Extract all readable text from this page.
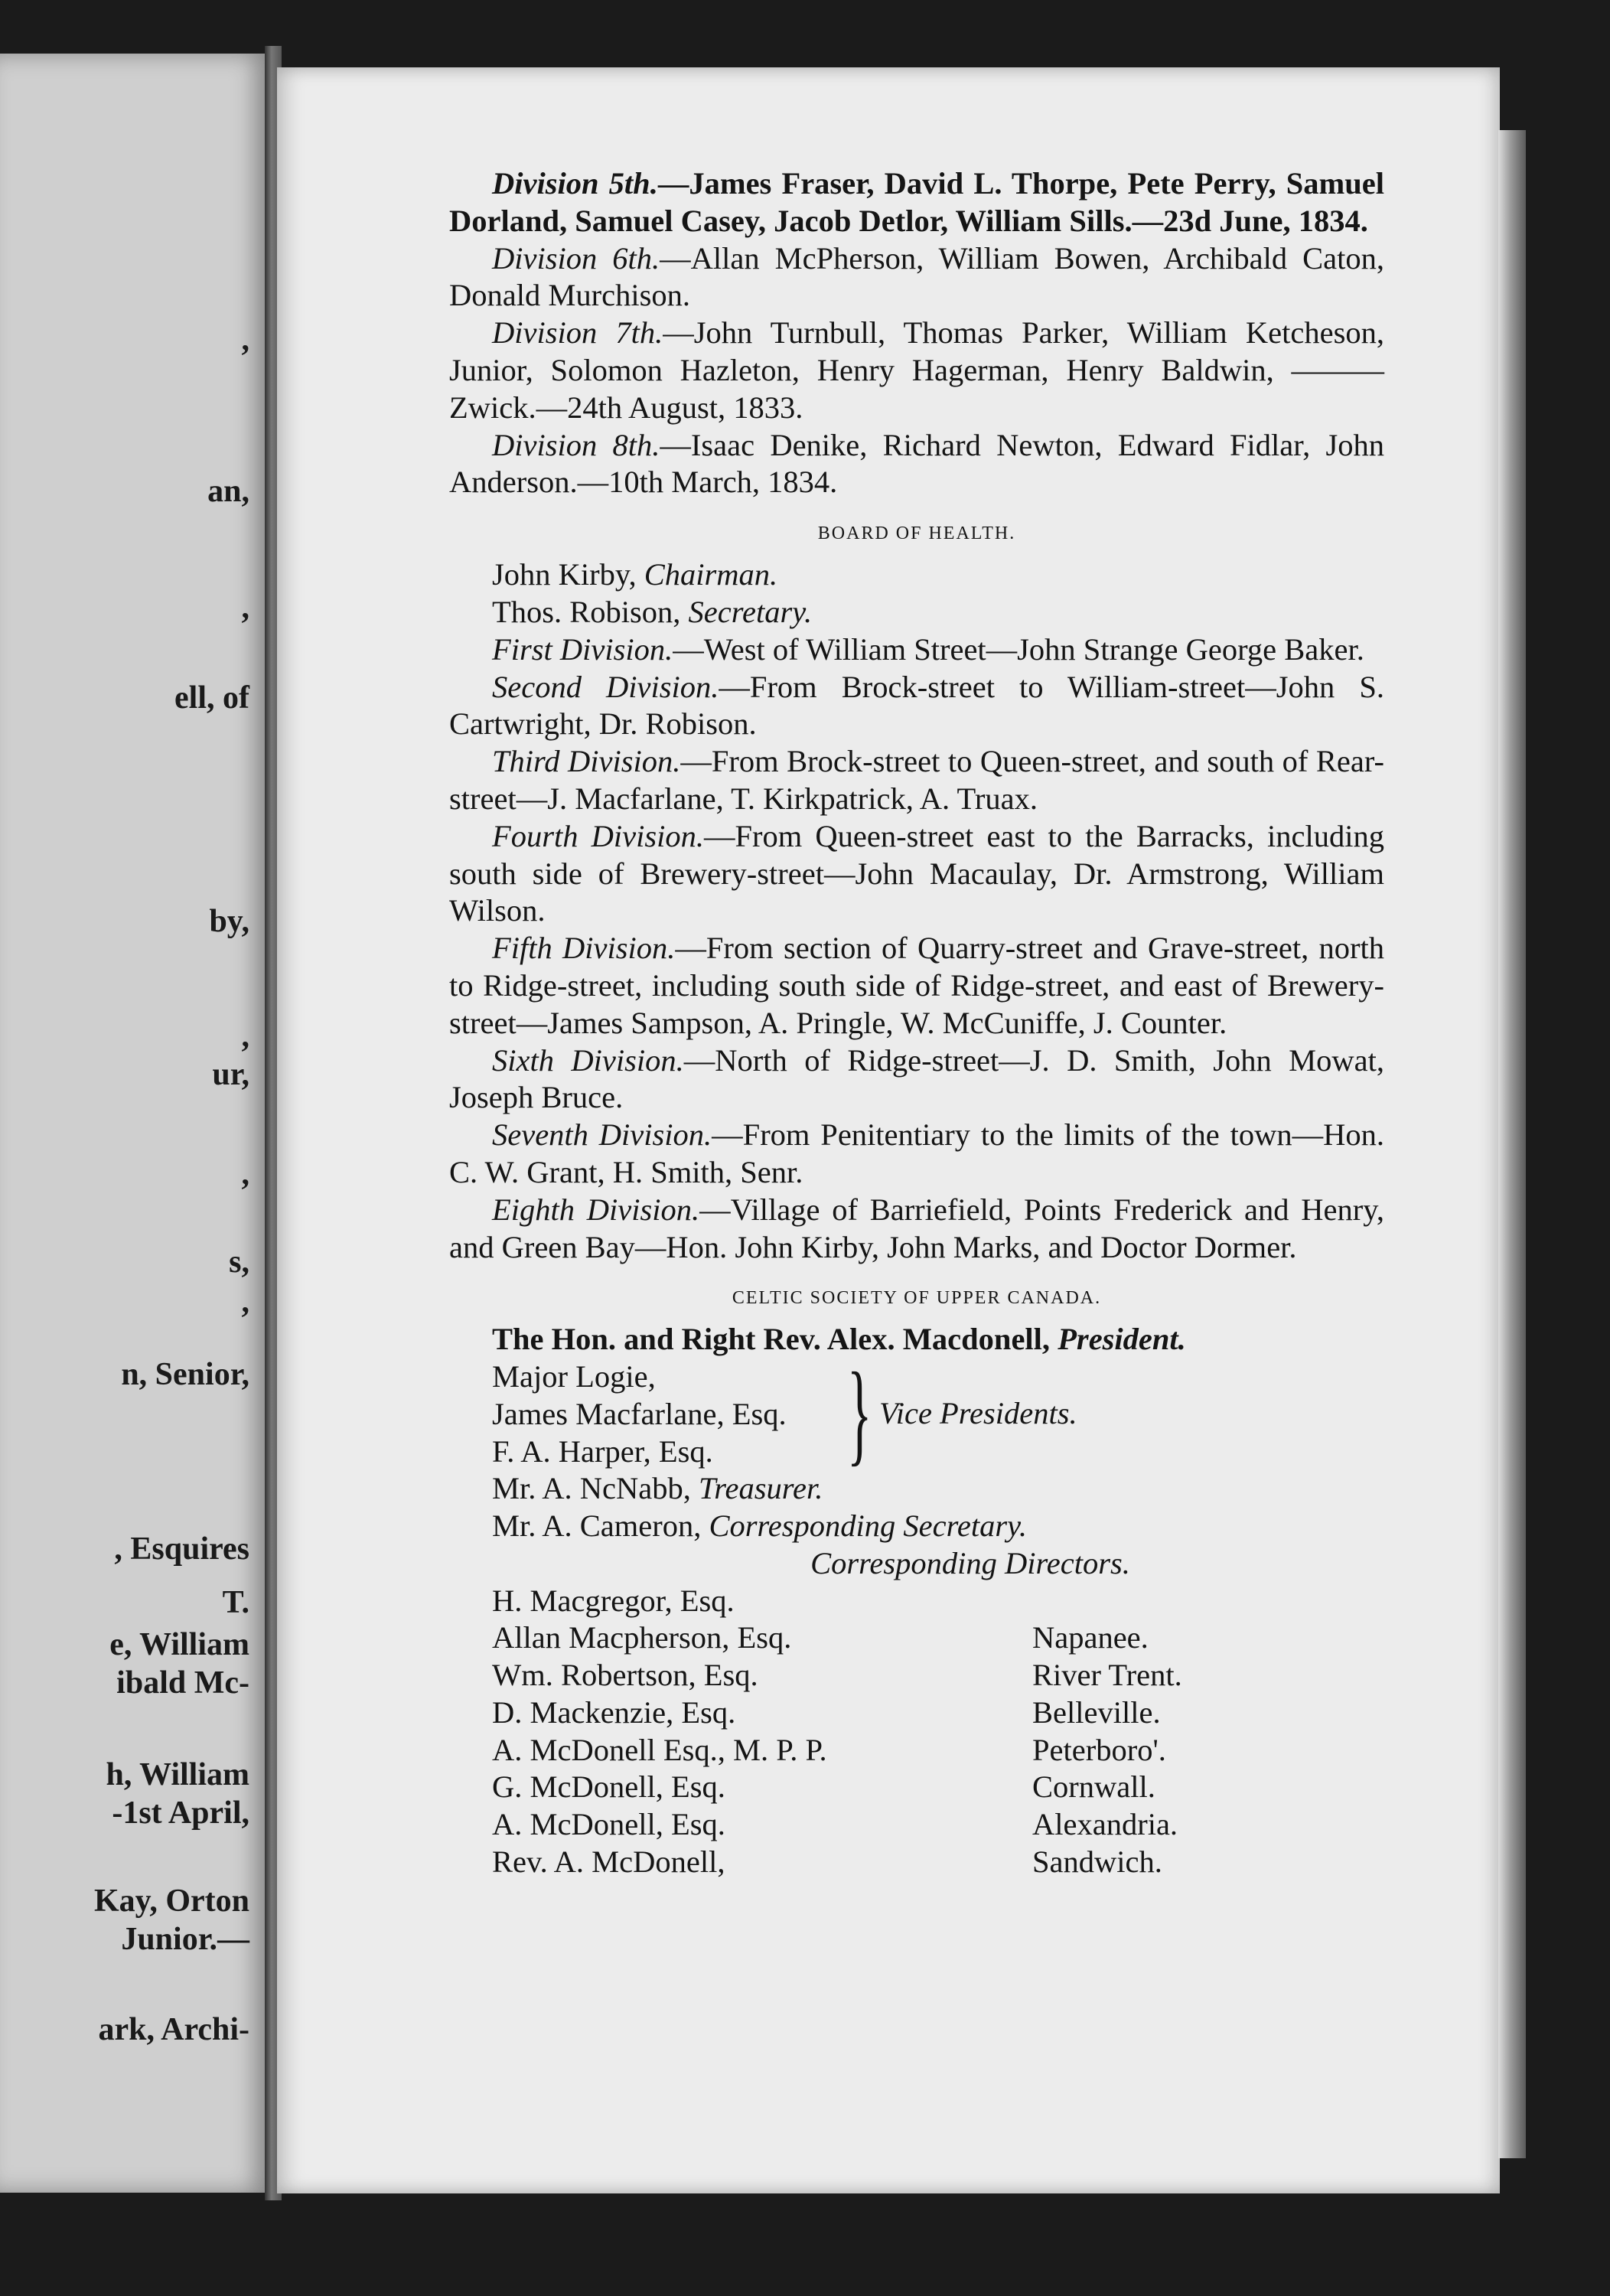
,
an,
,
ell, of
by,
,
ur,
,
s,
,
n, Senior,
, Esquires
T.
e, William
ibald Mc-
h, William
-1st April,
Kay, Orton
Junior.—
ark, Archi-

Division 5th.—James Fraser, David L. Thorpe, Pete Perry, Samuel Dorland, Samuel Casey, Jacob Detlor, William Sills.—23d June, 1834.

Division 6th.—Allan McPherson, William Bowen, Archibald Caton, Donald Murchison.

Division 7th.—John Turnbull, Thomas Parker, William Ketcheson, Junior, Solomon Hazleton, Henry Hagerman, Henry Baldwin, ——— Zwick.—24th August, 1833.

Division 8th.—Isaac Denike, Richard Newton, Edward Fidlar, John Anderson.—10th March, 1834.

BOARD OF HEALTH.

John Kirby, Chairman.

Thos. Robison, Secretary.

First Division.—West of William Street—John Strange George Baker.

Second Division.—From Brock-street to William-street—John S. Cartwright, Dr. Robison.

Third Division.—From Brock-street to Queen-street, and south of Rear-street—J. Macfarlane, T. Kirkpatrick, A. Truax.

Fourth Division.—From Queen-street east to the Barracks, including south side of Brewery-street—John Macaulay, Dr. Armstrong, William Wilson.

Fifth Division.—From section of Quarry-street and Grave-street, north to Ridge-street, including south side of Ridge-street, and east of Brewery-street—James Sampson, A. Pringle, W. McCuniffe, J. Counter.

Sixth Division.—North of Ridge-street—J. D. Smith, John Mowat, Joseph Bruce.

Seventh Division.—From Penitentiary to the limits of the town—Hon. C. W. Grant, H. Smith, Senr.

Eighth Division.—Village of Barriefield, Points Frederick and Henry, and Green Bay—Hon. John Kirby, John Marks, and Doctor Dormer.

CELTIC SOCIETY OF UPPER CANADA.

The Hon. and Right Rev. Alex. Macdonell, President.

Major Logie,
James Macfarlane, Esq.
F. A. Harper, Esq.	} Vice Presidents.

Mr. A. NcNabb, Treasurer.

Mr. A. Cameron, Corresponding Secretary.

Corresponding Directors.

H. Macgregor, Esq.
Allan Macpherson, Esq.	Napanee.
Wm. Robertson, Esq.	River Trent.
D. Mackenzie, Esq.	Belleville.
A. McDonell Esq., M. P. P.	Peterboro'.
G. McDonell, Esq.	Cornwall.
A. McDonell, Esq.	Alexandria.
Rev. A. McDonell,	Sandwich.
